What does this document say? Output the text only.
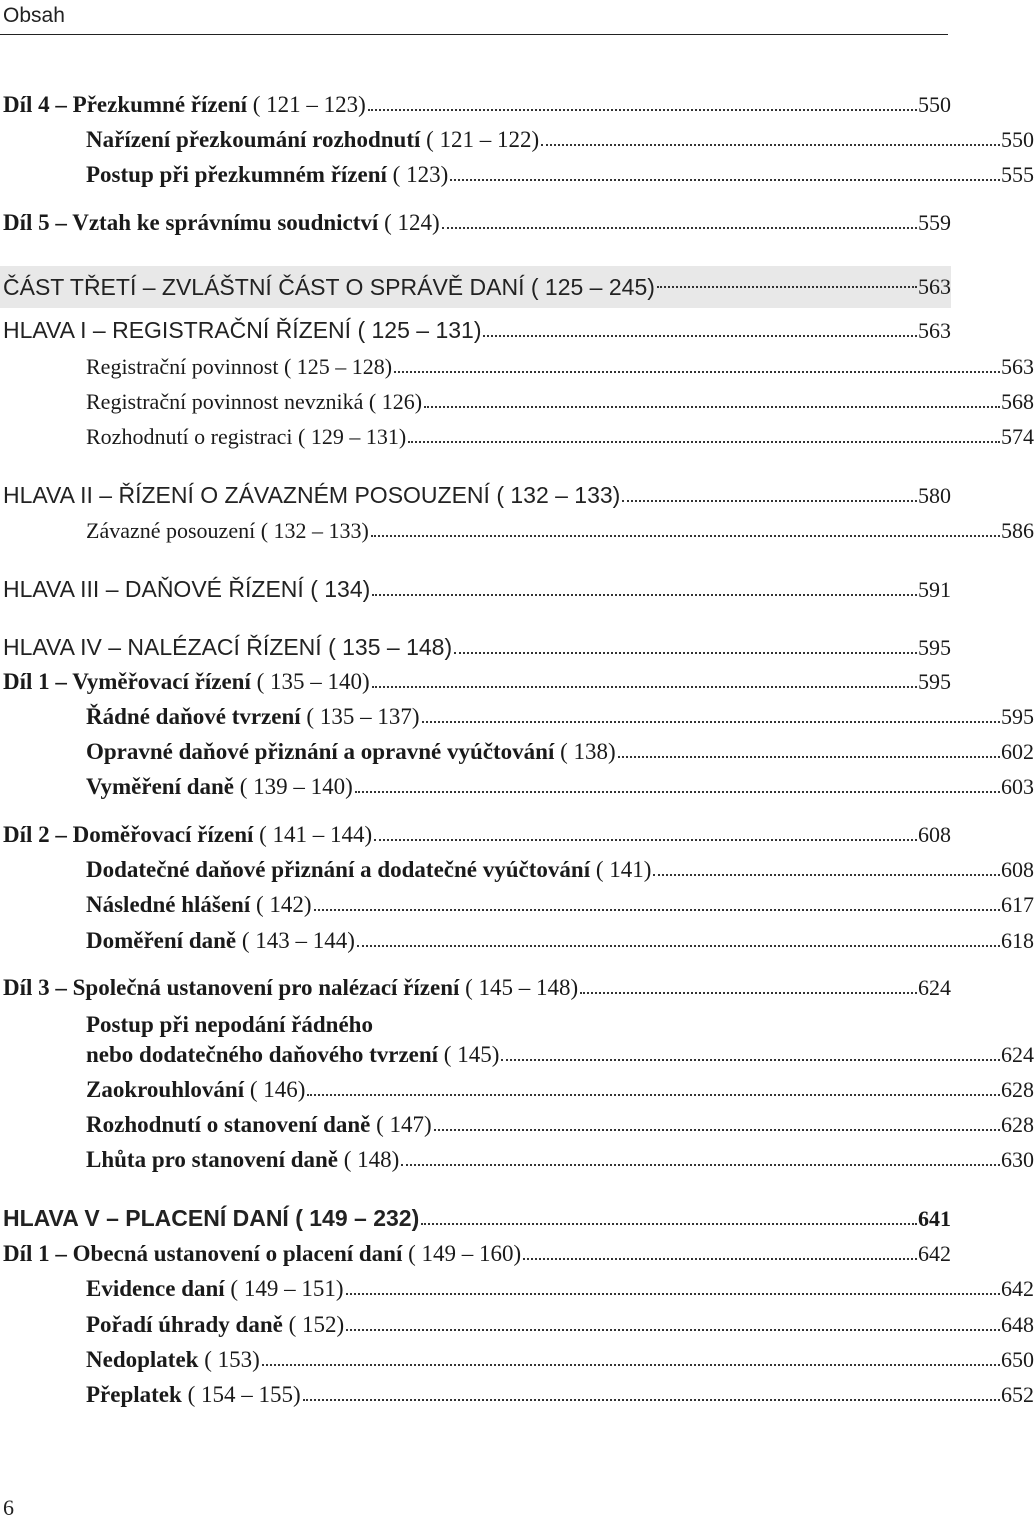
Obsah
Díl 4 – Přezkumné řízení ( 121 – 123)	550
Nařízení přezkoumání rozhodnutí ( 121 – 122)	550
Postup při přezkumném řízení ( 123)	555
Díl 5 – Vztah ke správnímu soudnictví ( 124)	559
ČÁST TŘETÍ – ZVLÁŠTNÍ ČÁST O SPRÁVĚ DANÍ ( 125 – 245)	563
HLAVA I – REGISTRAČNÍ ŘÍZENÍ ( 125 – 131)	563
Registrační povinnost ( 125 – 128)	563
Registrační povinnost nevzniká ( 126)	568
Rozhodnutí o registraci ( 129 – 131)	574
HLAVA II – ŘÍZENÍ O ZÁVAZNÉM POSOUZENÍ ( 132 – 133)	580
Závazné posouzení ( 132 – 133)	586
HLAVA III – DAŇOVÉ ŘÍZENÍ ( 134)	591
HLAVA IV – NALÉZACÍ ŘÍZENÍ ( 135 – 148)	595
Díl 1 – Vyměřovací řízení ( 135 – 140)	595
Řádné daňové tvrzení ( 135 – 137)	595
Opravné daňové přiznání a opravné vyúčtování ( 138)	602
Vyměření daně ( 139 – 140)	603
Díl 2 – Doměřovací řízení ( 141 – 144)	608
Dodatečné daňové přiznání a dodatečné vyúčtování ( 141)	608
Následné hlášení ( 142)	617
Doměření daně ( 143 – 144)	618
Díl 3 – Společná ustanovení pro nalézací řízení ( 145 – 148)	624
Postup při nepodání řádného
nebo dodatečného daňového tvrzení ( 145)	624
Zaokrouhlování ( 146)	628
Rozhodnutí o stanovení daně ( 147)	628
Lhůta pro stanovení daně ( 148)	630
HLAVA V – PLACENÍ DANÍ ( 149 – 232)	641
Díl 1 – Obecná ustanovení o placení daní ( 149 – 160)	642
Evidence daní ( 149 – 151)	642
Pořadí úhrady daně ( 152)	648
Nedoplatek ( 153)	650
Přeplatek ( 154 – 155)	652
6
